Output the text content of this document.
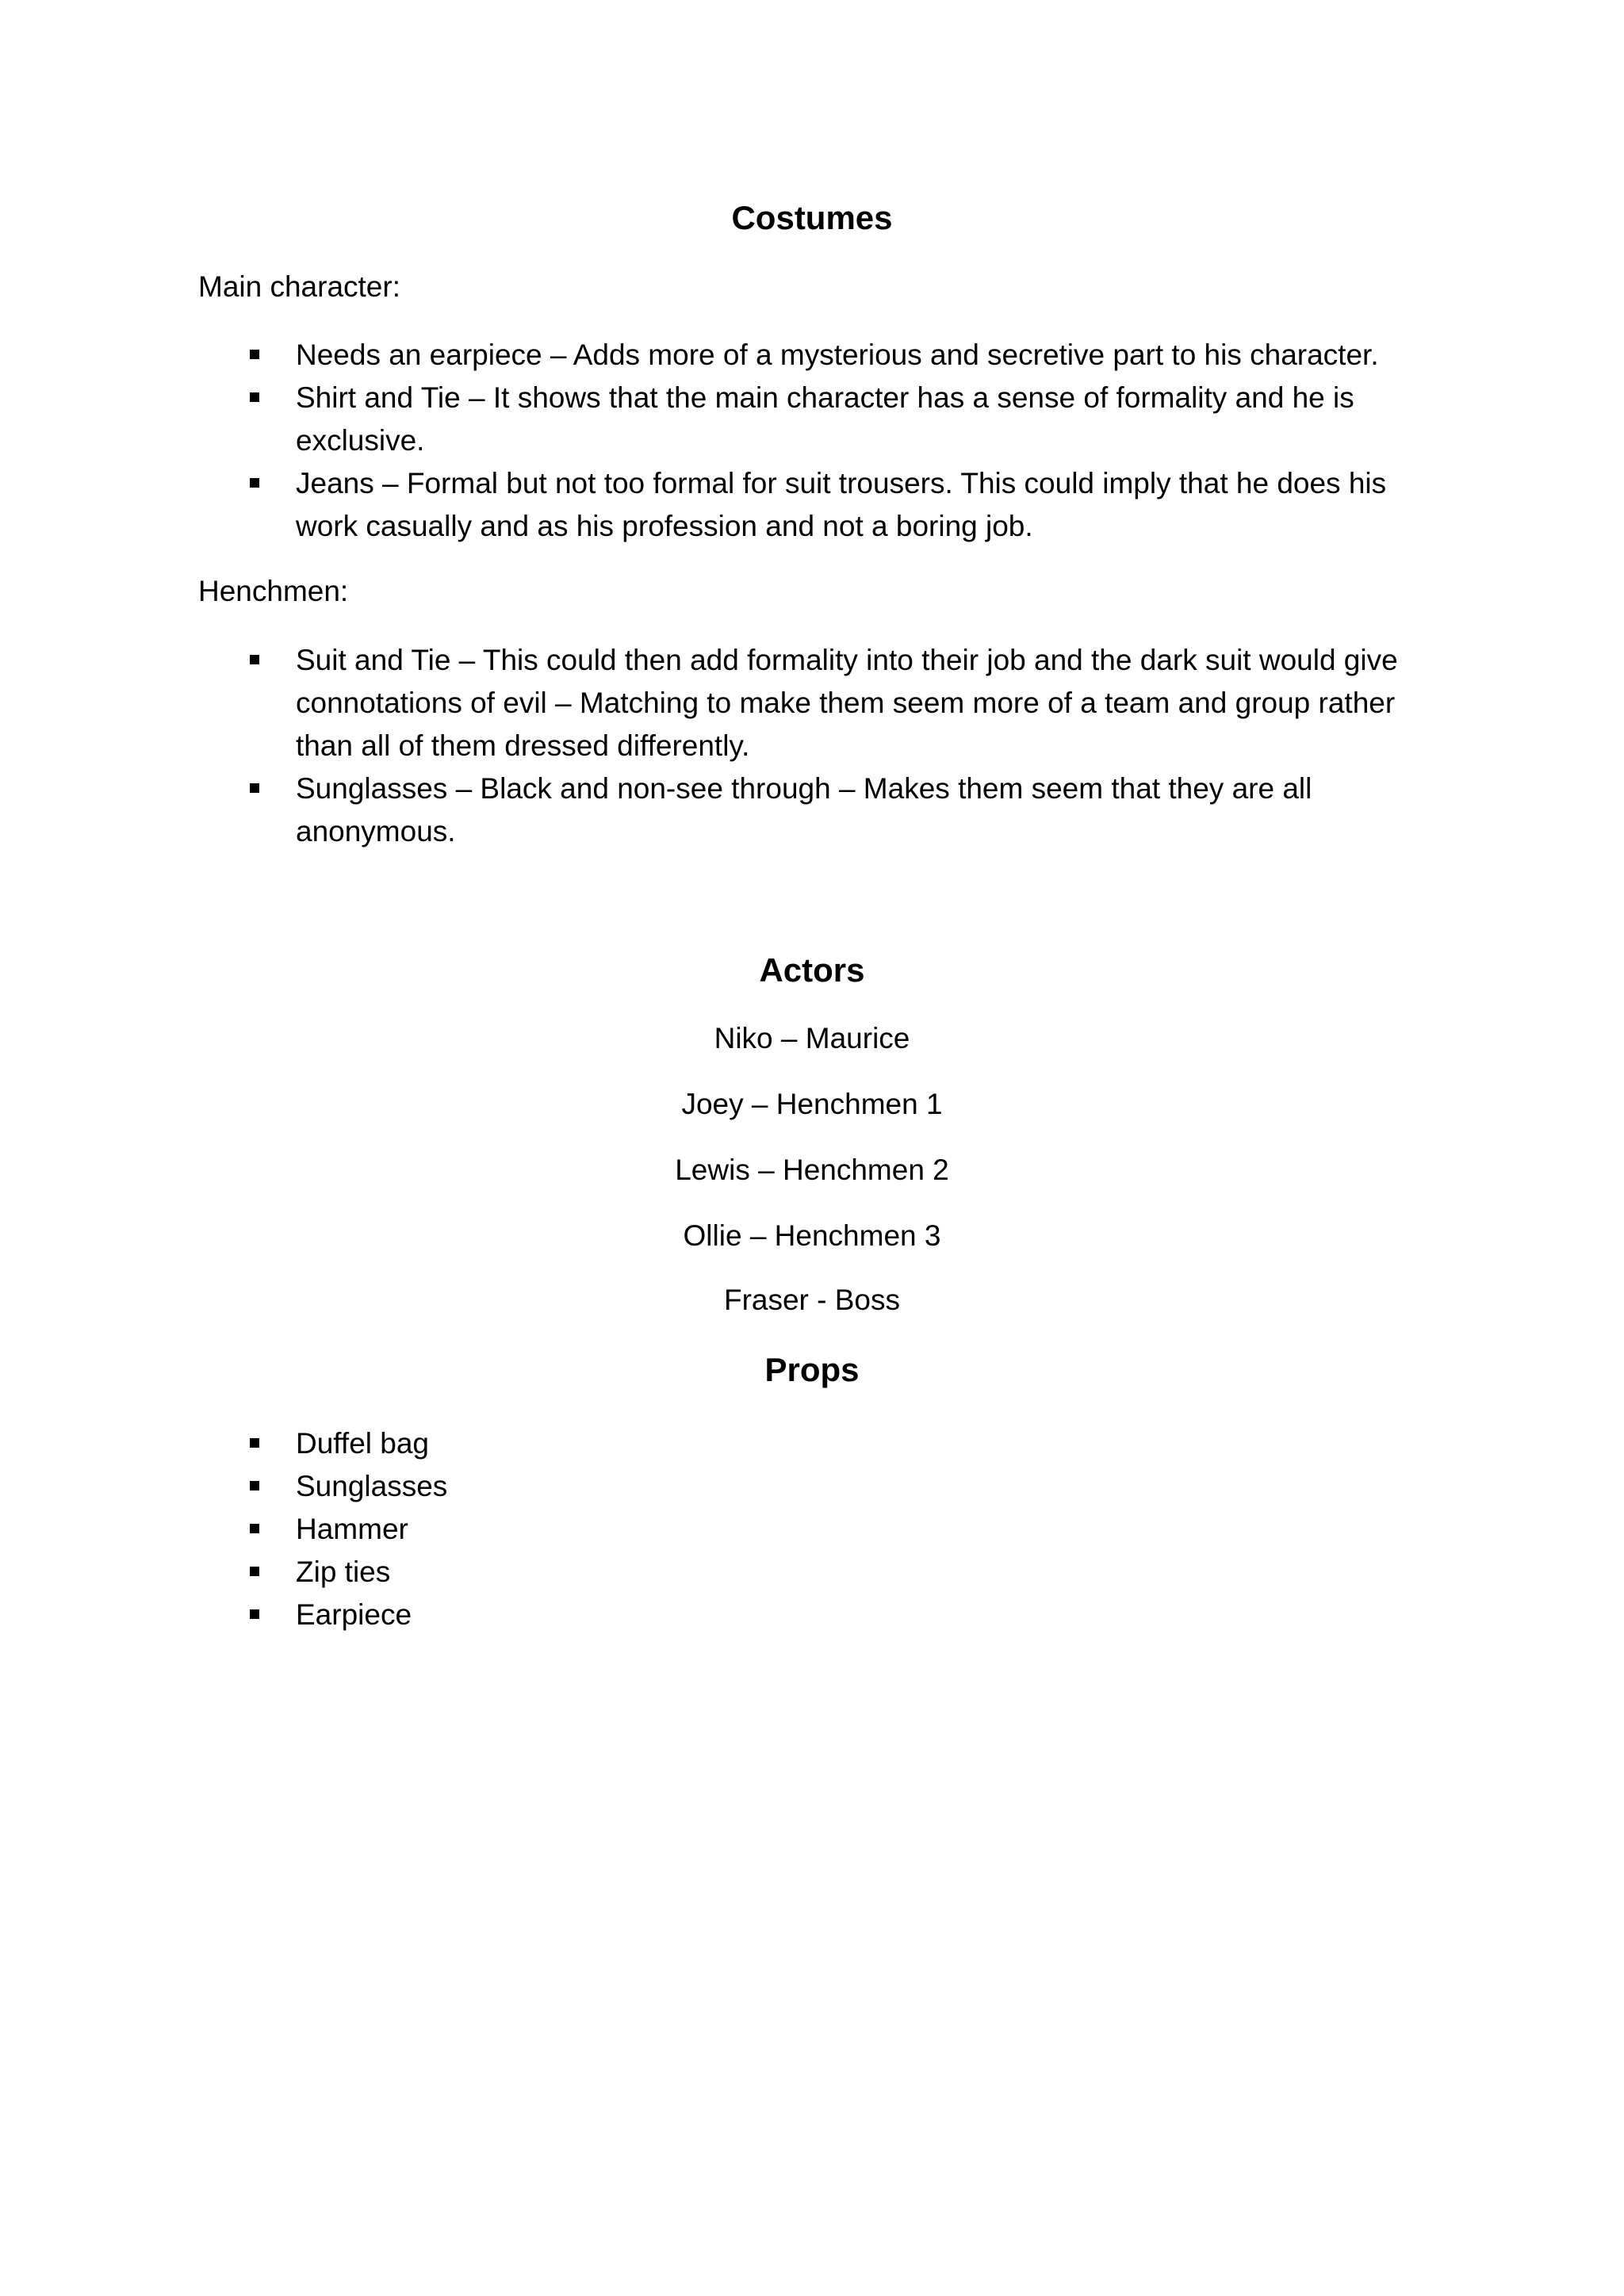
Costumes

Main character:

Needs an earpiece – Adds more of a mysterious and secretive part to his character.
Shirt and Tie – It shows that the main character has a sense of formality and he is exclusive.
Jeans – Formal but not too formal for suit trousers. This could imply that he does his work casually and as his profession and not a boring job.

Henchmen:

Suit and Tie – This could then add formality into their job and the dark suit would give connotations of evil – Matching to make them seem more of a team and group rather than all of them dressed differently.
Sunglasses – Black and non-see through – Makes them seem that they are all anonymous.
Actors

Niko – Maurice

Joey – Henchmen 1

Lewis – Henchmen 2

Ollie – Henchmen 3

Fraser - Boss

Props
Duffel bag
Sunglasses
Hammer
Zip ties
Earpiece
